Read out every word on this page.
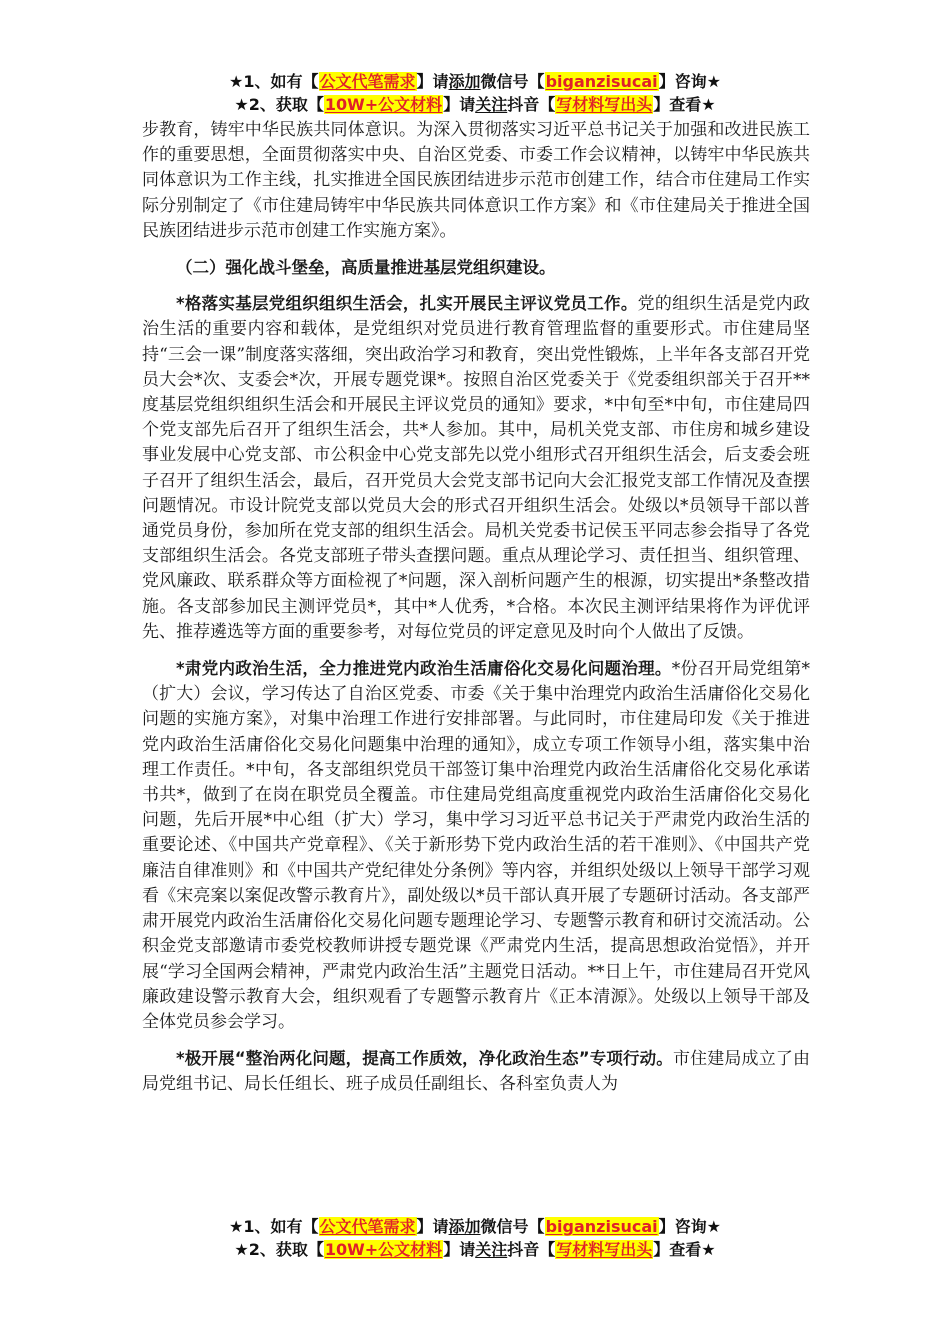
★1、如有【公文代笔需求】请添加微信号【biganzisucai】咨询★
★2、获取【10W+公文材料】请关注抖音【写材料写出头】查看★

步教育，铸牢中华民族共同体意识。为深入贯彻落实习近平总书记关于加强和改进民族工作的重要思想，全面贯彻落实中央、自治区党委、市委工作会议精神，以铸牢中华民族共同体意识为工作主线，扎实推进全国民族团结进步示范市创建工作，结合市住建局工作实际分别制定了《市住建局铸牢中华民族共同体意识工作方案》和《市住建局关于推进全国民族团结进步示范市创建工作实施方案》。

（二）强化战斗堡垒，高质量推进基层党组织建设。

*格落实基层党组织组织生活会，扎实开展民主评议党员工作。党的组织生活是党内政治生活的重要内容和载体，是党组织对党员进行教育管理监督的重要形式。市住建局坚持“三会一课”制度落实落细，突出政治学习和教育，突出党性锻炼，上半年各支部召开党员大会*次、支委会*次，开展专题党课*。按照自治区党委关于《党委组织部关于召开**度基层党组织组织生活会和开展民主评议党员的通知》要求，*中旬至*中旬，市住建局四个党支部先后召开了组织生活会，共*人参加。其中，局机关党支部、市住房和城乡建设事业发展中心党支部、市公积金中心党支部先以党小组形式召开组织生活会，后支委会班子召开了组织生活会，最后，召开党员大会党支部书记向大会汇报党支部工作情况及查摆问题情况。市设计院党支部以党员大会的形式召开组织生活会。处级以*员领导干部以普通党员身份，参加所在党支部的组织生活会。局机关党委书记侯玉平同志参会指导了各党支部组织生活会。各党支部班子带头查摆问题。重点从理论学习、责任担当、组织管理、党风廉政、联系群众等方面检视了*问题，深入剖析问题产生的根源，切实提出*条整改措施。各支部参加民主测评党员*，其中*人优秀，*合格。本次民主测评结果将作为评优评先、推荐遴选等方面的重要参考，对每位党员的评定意见及时向个人做出了反馈。

*肃党内政治生活，全力推进党内政治生活庸俗化交易化问题治理。*份召开局党组第*（扩大）会议，学习传达了自治区党委、市委《关于集中治理党内政治生活庸俗化交易化问题的实施方案》，对集中治理工作进行安排部署。与此同时，市住建局印发《关于推进党内政治生活庸俗化交易化问题集中治理的通知》，成立专项工作领导小组，落实集中治理工作责任。*中旬，各支部组织党员干部签订集中治理党内政治生活庸俗化交易化承诺书共*，做到了在岗在职党员全覆盖。市住建局党组高度重视党内政治生活庸俗化交易化问题，先后开展*中心组（扩大）学习，集中学习习近平总书记关于严肃党内政治生活的重要论述、《中国共产党章程》、《关于新形势下党内政治生活的若干准则》、《中国共产党廉洁自律准则》和《中国共产党纪律处分条例》等内容，并组织处级以上领导干部学习观看《宋亮案以案促改警示教育片》，副处级以*员干部认真开展了专题研讨活动。各支部严肃开展党内政治生活庸俗化交易化问题专题理论学习、专题警示教育和研讨交流活动。公积金党支部邀请市委党校教师讲授专题党课《严肃党内生活，提高思想政治觉悟》，并开展“学习全国两会精神，严肃党内政治生活”主题党日活动。**日上午，市住建局召开党风廉政建设警示教育大会，组织观看了专题警示教育片《正本清源》。处级以上领导干部及全体党员参会学习。

*极开展“整治两化问题，提高工作质效，净化政治生态”专项行动。市住建局成立了由局党组书记、局长任组长、班子成员任副组长、各科室负责人为

★1、如有【公文代笔需求】请添加微信号【biganzisucai】咨询★
★2、获取【10W+公文材料】请关注抖音【写材料写出头】查看★
